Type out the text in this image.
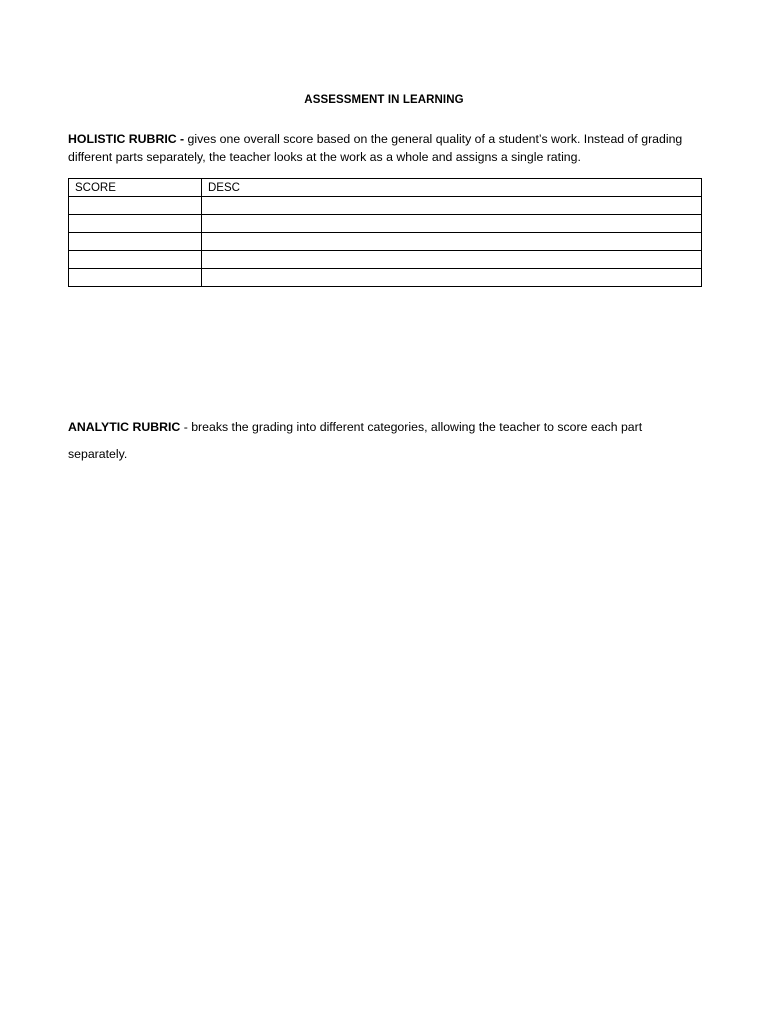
ASSESSMENT IN LEARNING

HOLISTIC RUBRIC - gives one overall score based on the general quality of a student’s work. Instead of grading different parts separately, the teacher looks at the work as a whole and assigns a single rating.

SCORE	DESC

ANALYTIC RUBRIC - breaks the grading into different categories, allowing the teacher to score each part separately.
